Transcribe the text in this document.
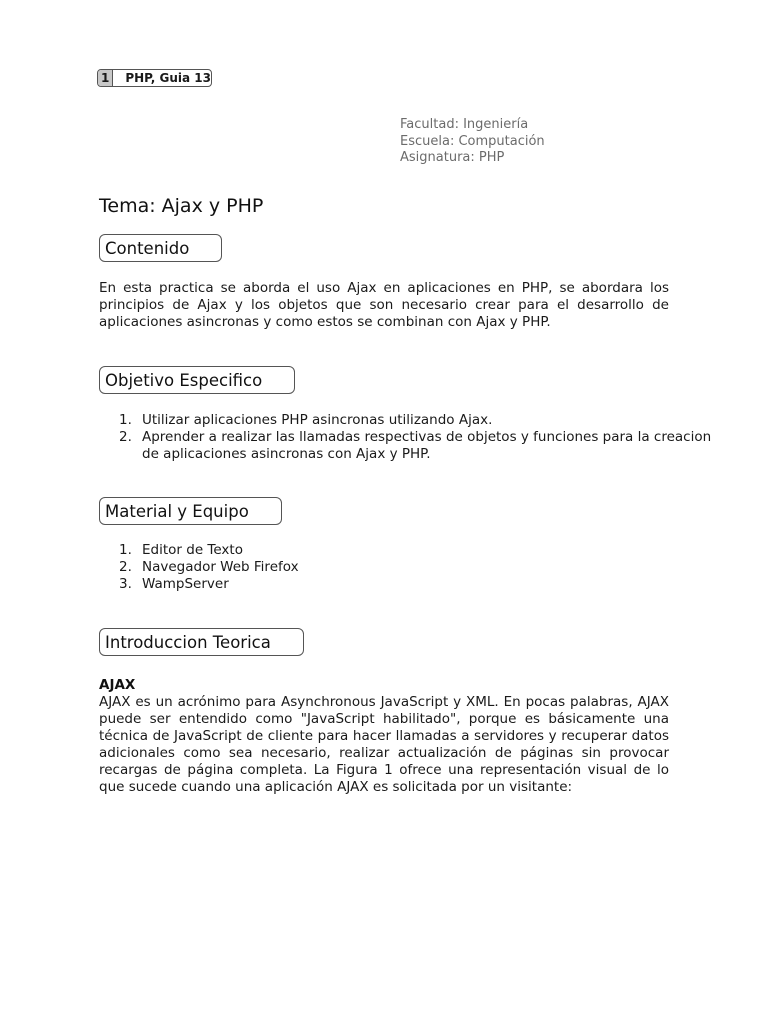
1	PHP, Guia 13
Facultad: Ingeniería
Escuela: Computación
Asignatura: PHP
Tema: Ajax y PHP
Contenido
En esta practica se aborda el uso Ajax en aplicaciones en PHP, se abordara los principios de Ajax y los objetos que son necesario crear para el desarrollo de aplicaciones asincronas y como estos se combinan con Ajax y PHP.
Objetivo Especifico
Utilizar aplicaciones PHP asincronas utilizando Ajax.
Aprender a realizar las llamadas respectivas de objetos y funciones para la creacion de aplicaciones asincronas con Ajax y PHP.
Material y Equipo
Editor de Texto
Navegador Web Firefox
WampServer
Introduccion Teorica
AJAX
AJAX es un acrónimo para Asynchronous JavaScript y XML. En pocas palabras, AJAX puede ser entendido como "JavaScript habilitado", porque es básicamente una técnica de JavaScript de cliente para hacer llamadas a servidores y recuperar datos adicionales como sea necesario, realizar actualización de páginas sin provocar recargas de página completa. La Figura 1 ofrece una representación visual de lo que sucede cuando una aplicación AJAX es solicitada por un visitante:
